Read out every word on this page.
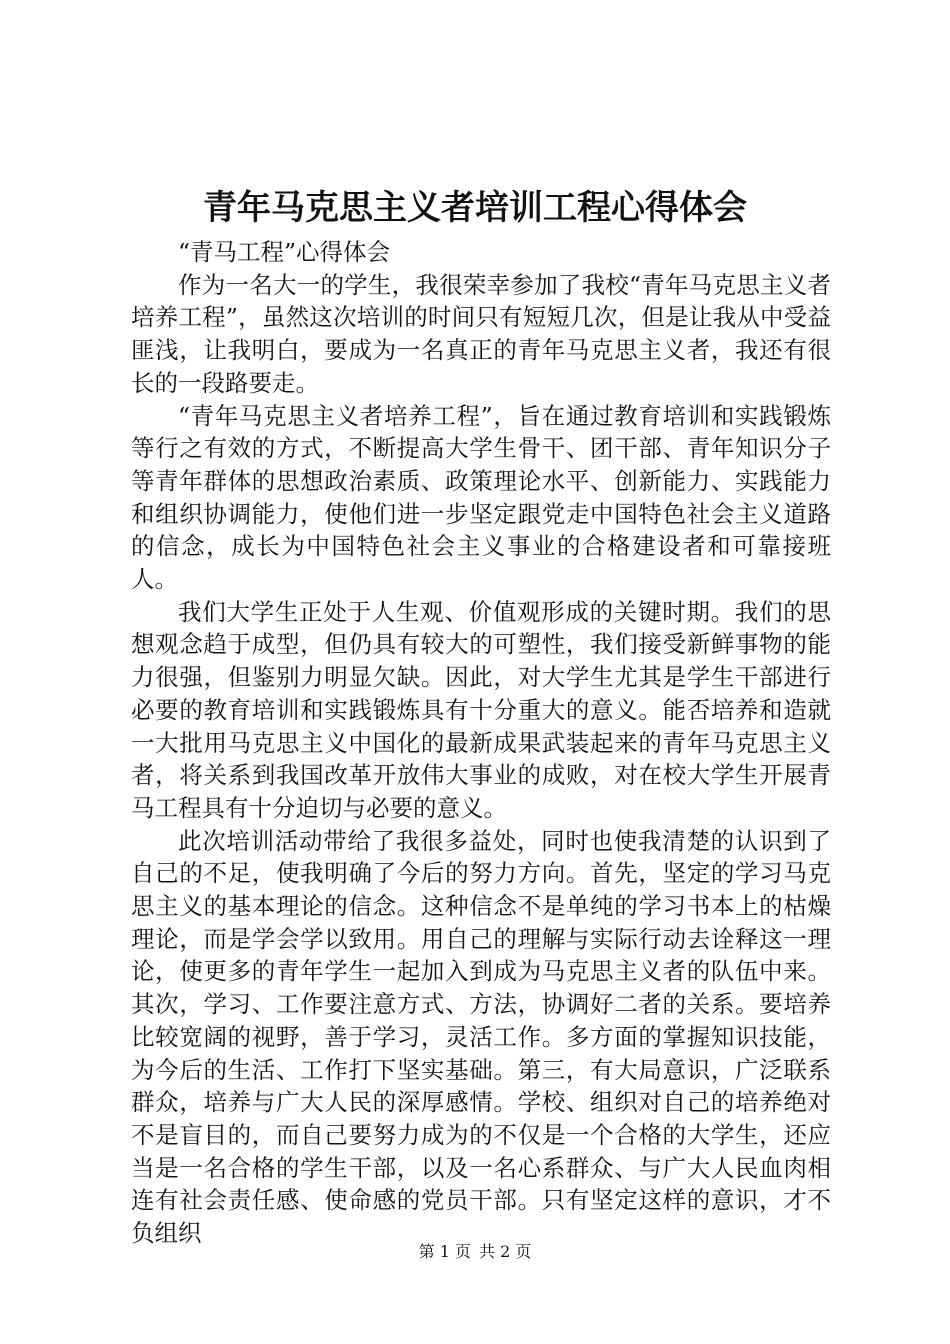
青年马克思主义者培训工程心得体会

“青马工程”心得体会

作为一名大一的学生，我很荣幸参加了我校“青年马克思主义者培养工程”，虽然这次培训的时间只有短短几次，但是让我从中受益匪浅，让我明白，要成为一名真正的青年马克思主义者，我还有很长的一段路要走。

“青年马克思主义者培养工程”，旨在通过教育培训和实践锻炼等行之有效的方式，不断提高大学生骨干、团干部、青年知识分子等青年群体的思想政治素质、政策理论水平、创新能力、实践能力和组织协调能力，使他们进一步坚定跟党走中国特色社会主义道路的信念，成长为中国特色社会主义事业的合格建设者和可靠接班人。

我们大学生正处于人生观、价值观形成的关键时期。我们的思想观念趋于成型，但仍具有较大的可塑性，我们接受新鲜事物的能力很强，但鉴别力明显欠缺。因此，对大学生尤其是学生干部进行必要的教育培训和实践锻炼具有十分重大的意义。能否培养和造就一大批用马克思主义中国化的最新成果武装起来的青年马克思主义者，将关系到我国改革开放伟大事业的成败，对在校大学生开展青马工程具有十分迫切与必要的意义。

此次培训活动带给了我很多益处，同时也使我清楚的认识到了自己的不足，使我明确了今后的努力方向。首先，坚定的学习马克思主义的基本理论的信念。这种信念不是单纯的学习书本上的枯燥理论，而是学会学以致用。用自己的理解与实际行动去诠释这一理论，使更多的青年学生一起加入到成为马克思主义者的队伍中来。其次，学习、工作要注意方式、方法，协调好二者的关系。要培养比较宽阔的视野，善于学习，灵活工作。多方面的掌握知识技能，为今后的生活、工作打下坚实基础。第三，有大局意识，广泛联系群众，培养与广大人民的深厚感情。学校、组织对自己的培养绝对不是盲目的，而自己要努力成为的不仅是一个合格的大学生，还应当是一名合格的学生干部，以及一名心系群众、与广大人民血肉相连有社会责任感、使命感的党员干部。只有坚定这样的意识，才不负组织

第 1 页 共 2 页
